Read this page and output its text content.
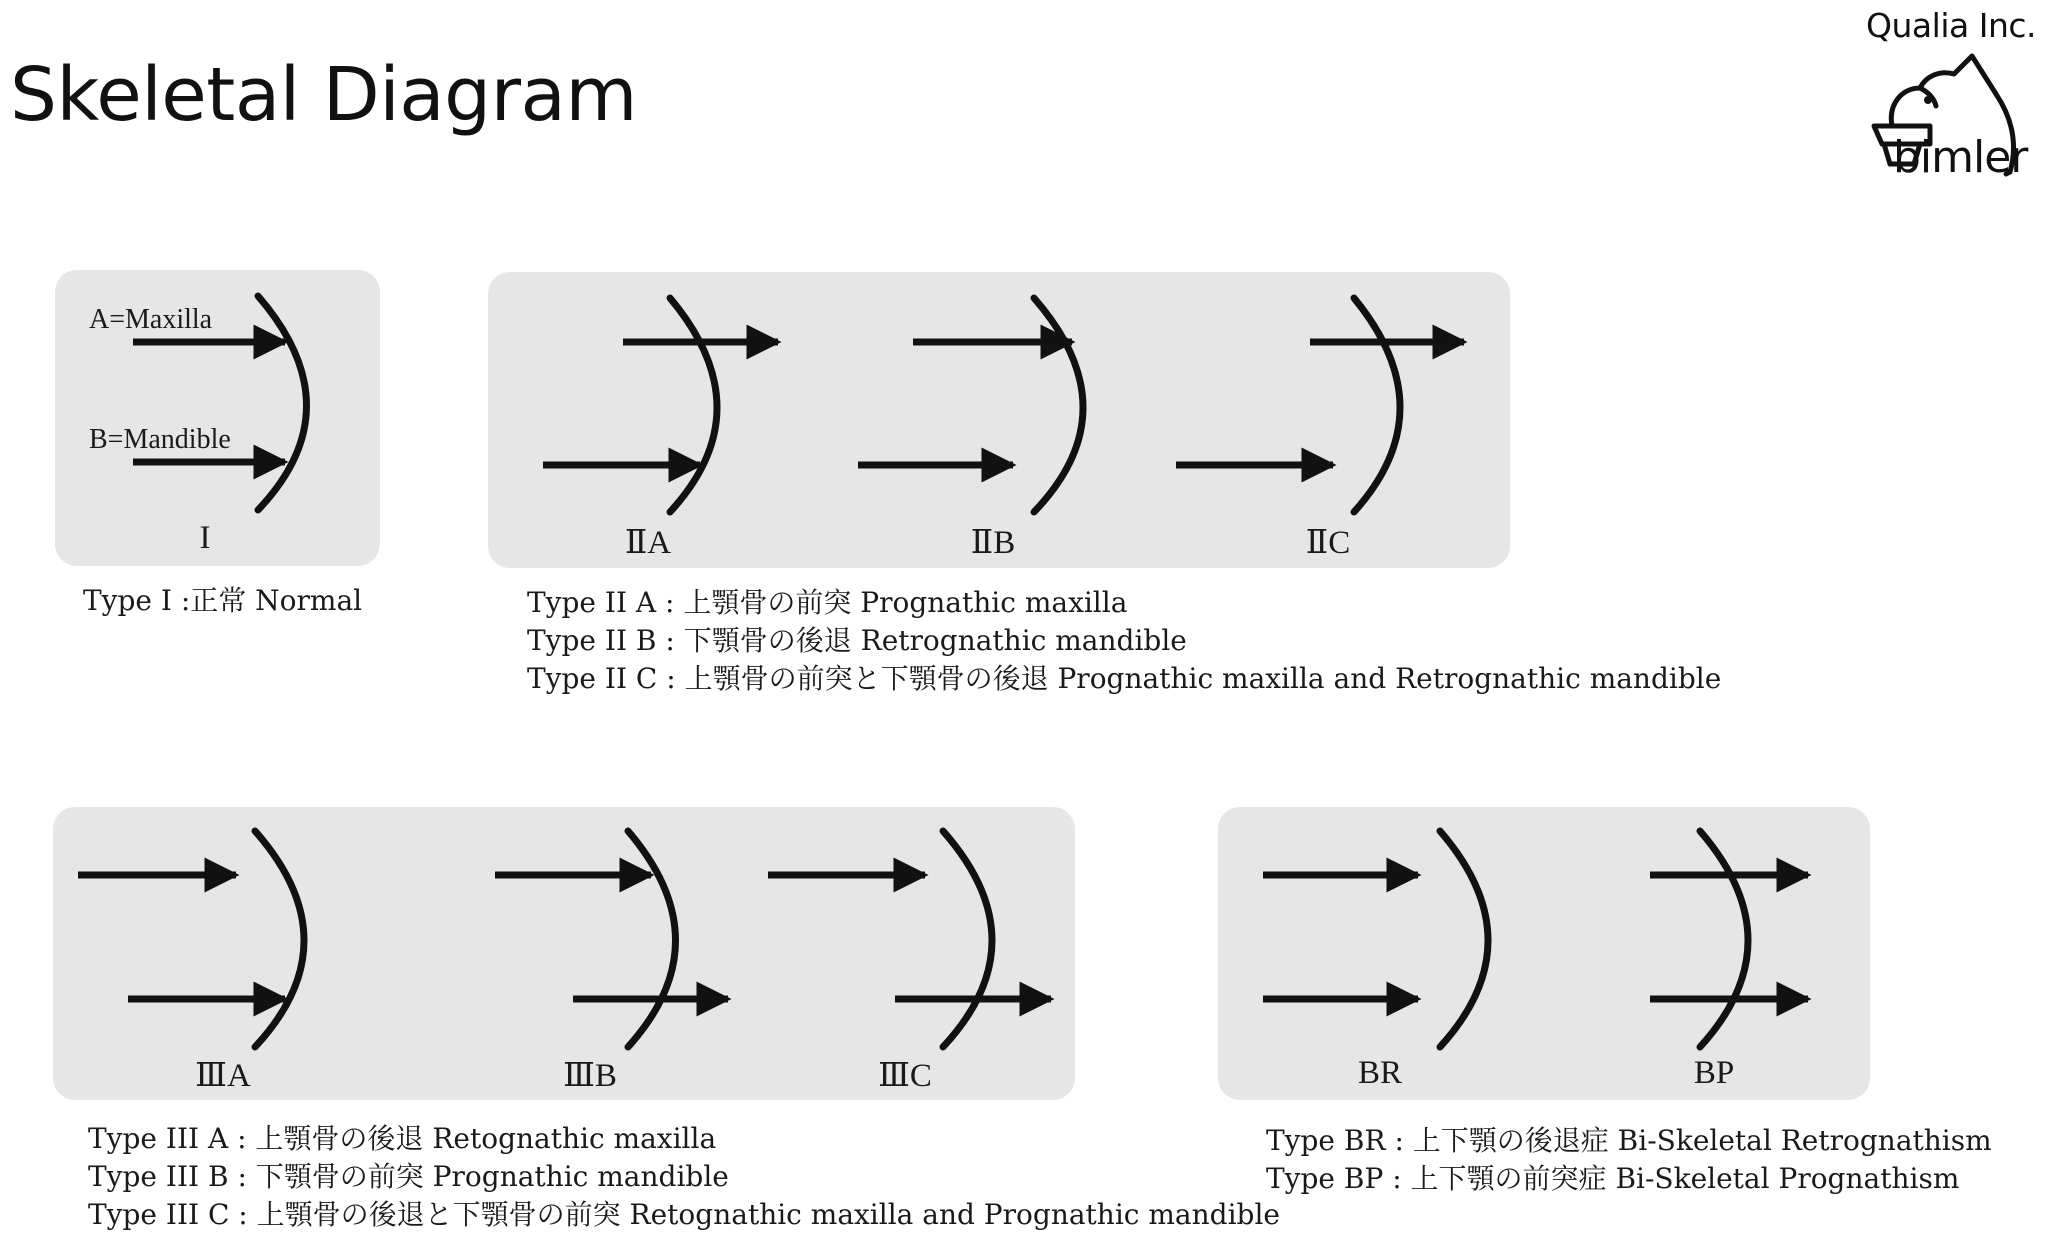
Skeletal Diagram
Qualia Inc.
bimler
A=Maxilla
B=Mandible
I	ⅡA	ⅡB	ⅡC
ⅢA	ⅢB	ⅢC	BR	BP
Type I :正常 Normal	Type II A : 上顎骨の前突 Prognathic maxilla
Type II B : 下顎骨の後退 Retrognathic mandible
Type II C : 上顎骨の前突と下顎骨の後退 Prognathic maxilla and Retrognathic mandible
Type III A : 上顎骨の後退 Retognathic maxilla
Type III B : 下顎骨の前突 Prognathic mandible
Type III C : 上顎骨の後退と下顎骨の前突 Retognathic maxilla and Prognathic mandible
Type BR : 上下顎の後退症 Bi-Skeletal Retrognathism
Type BP : 上下顎の前突症 Bi-Skeletal Prognathism
